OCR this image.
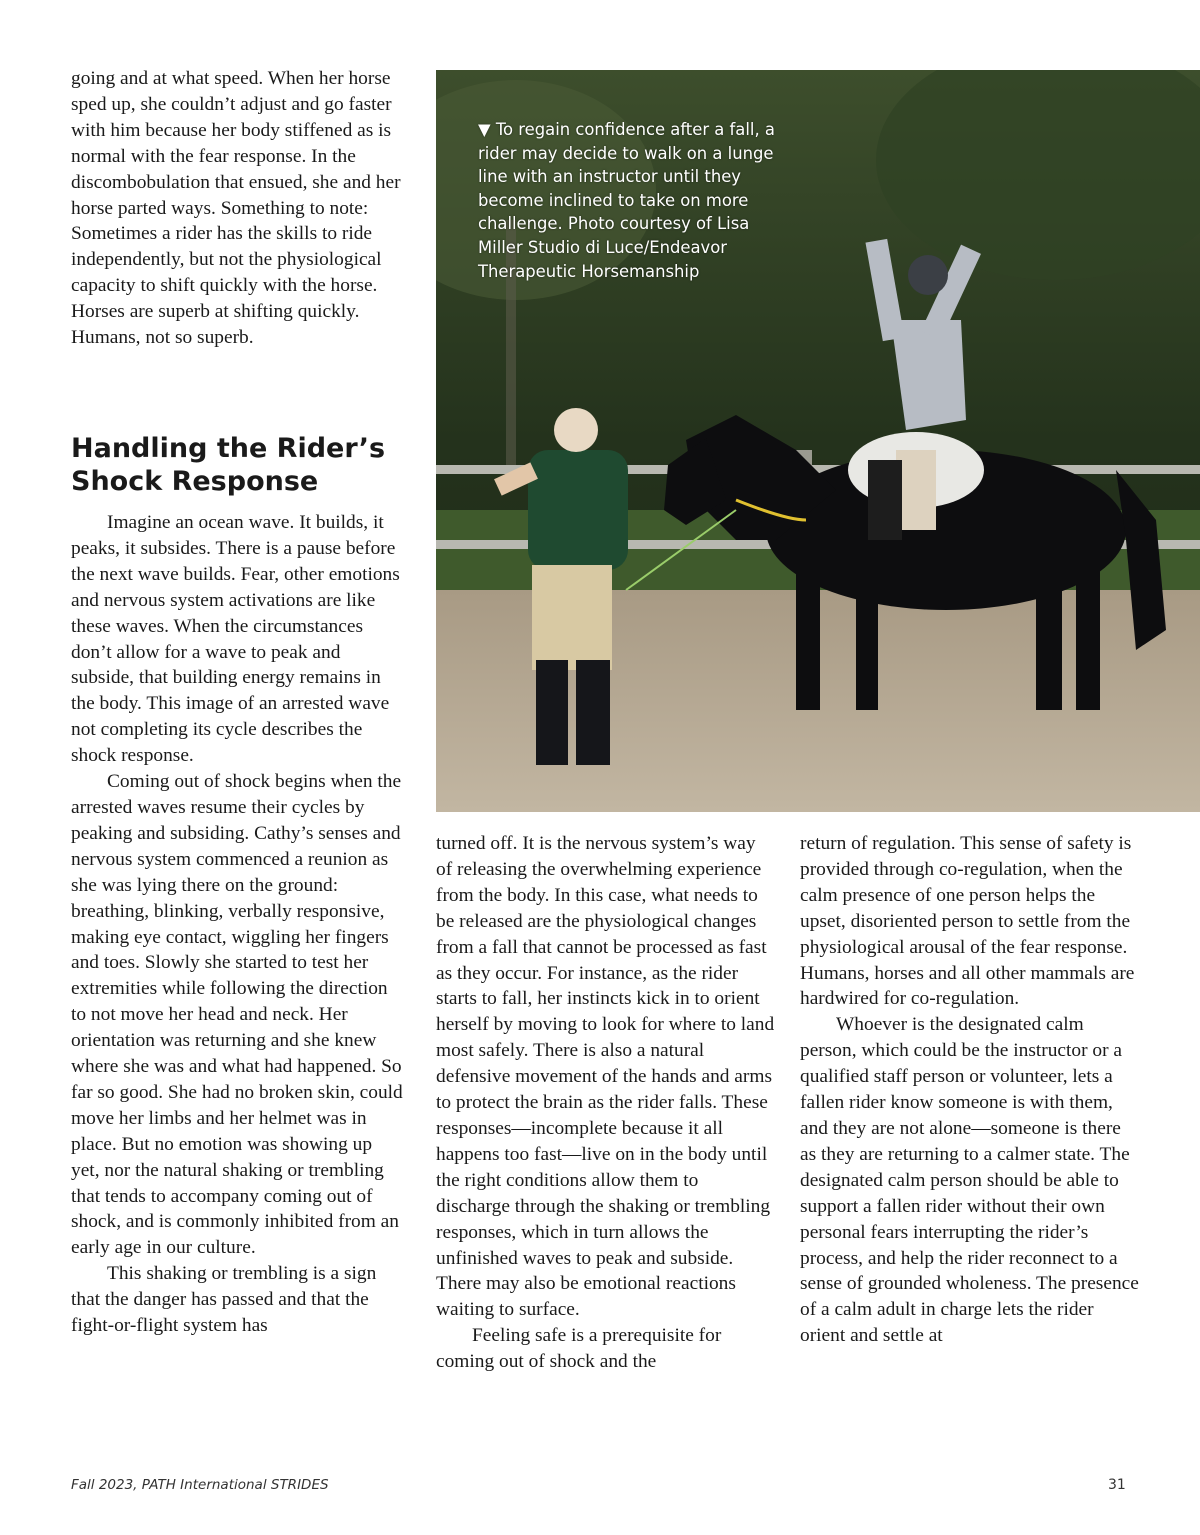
going and at what speed. When her horse sped up, she couldn’t adjust and go faster with him because her body stiffened as is normal with the fear response. In the discombobulation that ensued, she and her horse parted ways. Something to note: Sometimes a rider has the skills to ride independently, but not the physiological capacity to shift quickly with the horse. Horses are superb at shifting quickly. Humans, not so superb.

Handling the Rider’s Shock Response

Imagine an ocean wave. It builds, it peaks, it subsides. There is a pause before the next wave builds. Fear, other emotions and nervous system activations are like these waves. When the circumstances don’t allow for a wave to peak and subside, that building energy remains in the body. This image of an arrested wave not completing its cycle describes the shock response.

Coming out of shock begins when the arrested waves resume their cycles by peaking and subsiding. Cathy’s senses and nervous system commenced a reunion as she was lying there on the ground: breathing, blinking, verbally responsive, making eye contact, wiggling her fingers and toes. Slowly she started to test her extremities while following the direction to not move her head and neck. Her orientation was returning and she knew where she was and what had happened. So far so good. She had no broken skin, could move her limbs and her helmet was in place. But no emotion was showing up yet, nor the natural shaking or trembling that tends to accompany coming out of shock, and is commonly inhibited from an early age in our culture.

This shaking or trembling is a sign that the danger has passed and that the fight-or-flight system has

▼ To regain confidence after a fall, a rider may decide to walk on a lunge line with an instructor until they become inclined to take on more challenge. Photo courtesy of Lisa Miller Studio di Luce/Endeavor Therapeutic Horsemanship

turned off. It is the nervous system’s way of releasing the overwhelming experience from the body. In this case, what needs to be released are the physiological changes from a fall that cannot be processed as fast as they occur. For instance, as the rider starts to fall, her instincts kick in to orient herself by moving to look for where to land most safely. There is also a natural defensive movement of the hands and arms to protect the brain as the rider falls. These responses—incomplete because it all happens too fast—live on in the body until the right conditions allow them to discharge through the shaking or trembling responses, which in turn allows the unfinished waves to peak and subside. There may also be emotional reactions waiting to surface.

Feeling safe is a prerequisite for coming out of shock and the

return of regulation. This sense of safety is provided through co-regulation, when the calm presence of one person helps the upset, disoriented person to settle from the physiological arousal of the fear response. Humans, horses and all other mammals are hardwired for co-regulation.

Whoever is the designated calm person, which could be the instructor or a qualified staff person or volunteer, lets a fallen rider know someone is with them, and they are not alone—someone is there as they are returning to a calmer state. The designated calm person should be able to support a fallen rider without their own personal fears interrupting the rider’s process, and help the rider reconnect to a sense of grounded wholeness. The presence of a calm adult in charge lets the rider orient and settle at

Fall 2023, PATH International STRIDES	31
